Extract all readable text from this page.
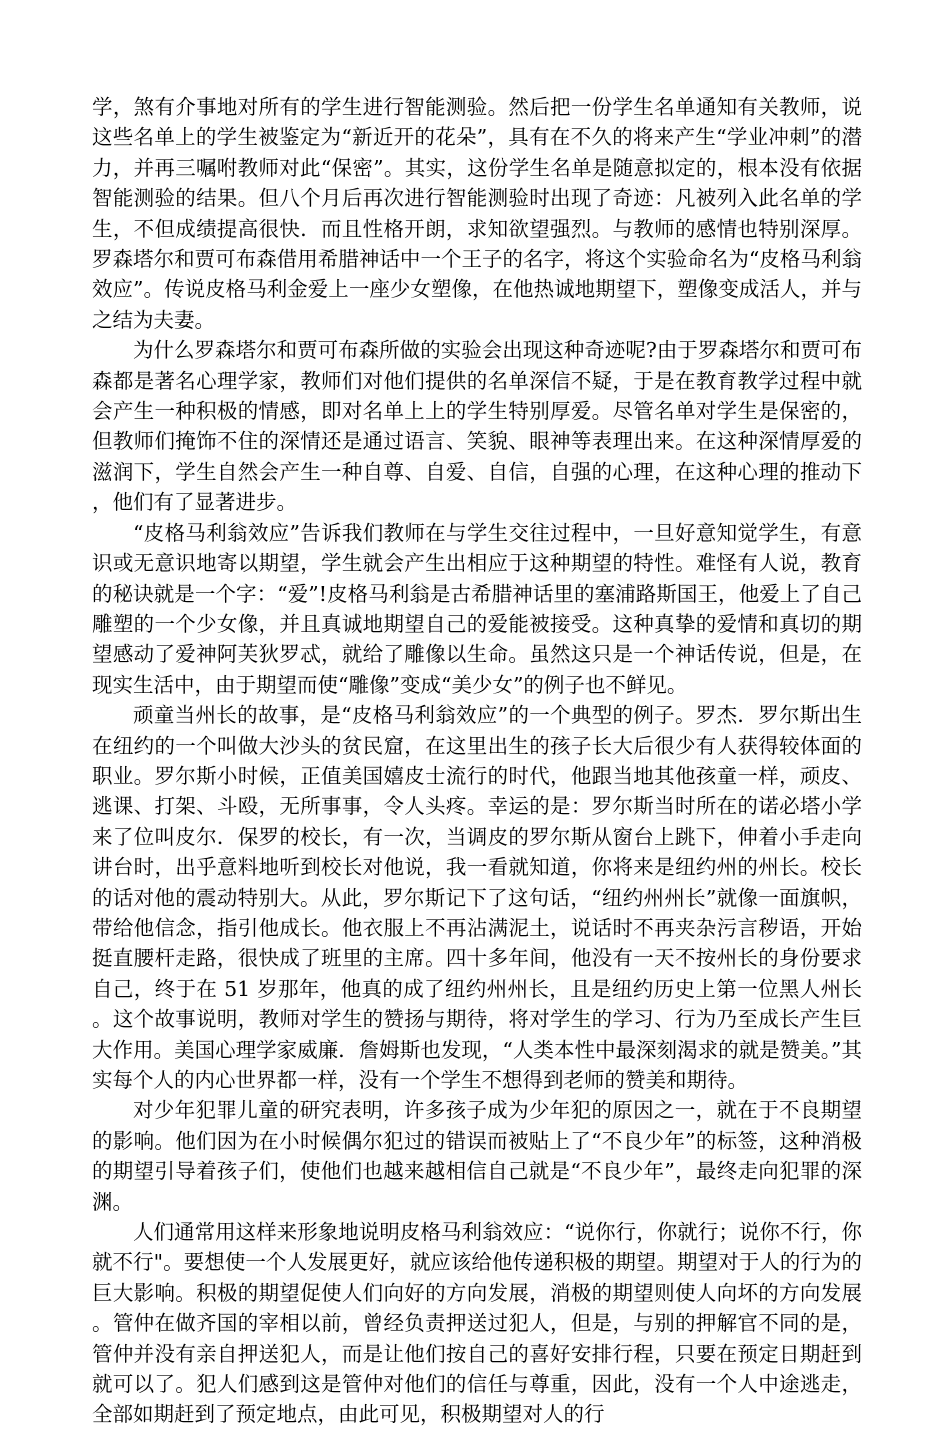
学，煞有介事地对所有的学生进行智能测验。然后把一份学生名单通知有关教师，说这些名单上的学生被鉴定为“新近开的花朵”，具有在不久的将来产生“学业冲刺”的潜力，并再三嘱咐教师对此“保密”。其实，这份学生名单是随意拟定的，根本没有依据智能测验的结果。但八个月后再次进行智能测验时出现了奇迹：凡被列入此名单的学生，不但成绩提高很快．而且性格开朗，求知欲望强烈。与教师的感情也特别深厚。罗森塔尔和贾可布森借用希腊神话中一个王子的名字，将这个实验命名为“皮格马利翁效应”。传说皮格马利金爱上一座少女塑像，在他热诚地期望下，塑像变成活人，并与之结为夫妻。

为什么罗森塔尔和贾可布森所做的实验会出现这种奇迹呢?由于罗森塔尔和贾可布森都是著名心理学家，教师们对他们提供的名单深信不疑，于是在教育教学过程中就会产生一种积极的情感，即对名单上上的学生特别厚爱。尽管名单对学生是保密的，但教师们掩饰不住的深情还是通过语言、笑貌、眼神等表理出来。在这种深情厚爱的滋润下，学生自然会产生一种自尊、自爱、自信，自强的心理，在这种心理的推动下，他们有了显著进步。

“皮格马利翁效应”告诉我们教师在与学生交往过程中，一旦好意知觉学生，有意识或无意识地寄以期望，学生就会产生出相应于这种期望的特性。难怪有人说，教育的秘诀就是一个字：“爱”!皮格马利翁是古希腊神话里的塞浦路斯国王，他爱上了自己雕塑的一个少女像，并且真诚地期望自己的爱能被接受。这种真挚的爱情和真切的期望感动了爱神阿芙狄罗忒，就给了雕像以生命。虽然这只是一个神话传说，但是，在现实生活中，由于期望而使“雕像”变成“美少女”的例子也不鲜见。

顽童当州长的故事，是“皮格马利翁效应”的一个典型的例子。罗杰．罗尔斯出生在纽约的一个叫做大沙头的贫民窟，在这里出生的孩子长大后很少有人获得较体面的职业。罗尔斯小时候，正值美国嬉皮士流行的时代，他跟当地其他孩童一样，顽皮、逃课、打架、斗殴，无所事事，令人头疼。幸运的是：罗尔斯当时所在的诺必塔小学来了位叫皮尔．保罗的校长，有一次，当调皮的罗尔斯从窗台上跳下，伸着小手走向讲台时，出乎意料地听到校长对他说，我一看就知道，你将来是纽约州的州长。校长的话对他的震动特别大。从此，罗尔斯记下了这句话，“纽约州州长”就像一面旗帜，带给他信念，指引他成长。他衣服上不再沾满泥土，说话时不再夹杂污言秽语，开始挺直腰杆走路，很快成了班里的主席。四十多年间，他没有一天不按州长的身份要求自己，终于在 51 岁那年，他真的成了纽约州州长，且是纽约历史上第一位黑人州长。这个故事说明，教师对学生的赞扬与期待，将对学生的学习、行为乃至成长产生巨大作用。美国心理学家威廉．詹姆斯也发现，“人类本性中最深刻渴求的就是赞美。”其实每个人的内心世界都一样，没有一个学生不想得到老师的赞美和期待。

对少年犯罪儿童的研究表明，许多孩子成为少年犯的原因之一，就在于不良期望的影响。他们因为在小时候偶尔犯过的错误而被贴上了“不良少年”的标签，这种消极的期望引导着孩子们，使他们也越来越相信自己就是“不良少年”，最终走向犯罪的深渊。

人们通常用这样来形象地说明皮格马利翁效应：“说你行，你就行；说你不行，你就不行"。要想使一个人发展更好，就应该给他传递积极的期望。期望对于人的行为的巨大影响。积极的期望促使人们向好的方向发展，消极的期望则使人向坏的方向发展。管仲在做齐国的宰相以前，曾经负责押送过犯人，但是，与别的押解官不同的是，管仲并没有亲自押送犯人，而是让他们按自己的喜好安排行程，只要在预定日期赶到就可以了。犯人们感到这是管仲对他们的信任与尊重，因此，没有一个人中途逃走，全部如期赶到了预定地点，由此可见，积极期望对人的行
